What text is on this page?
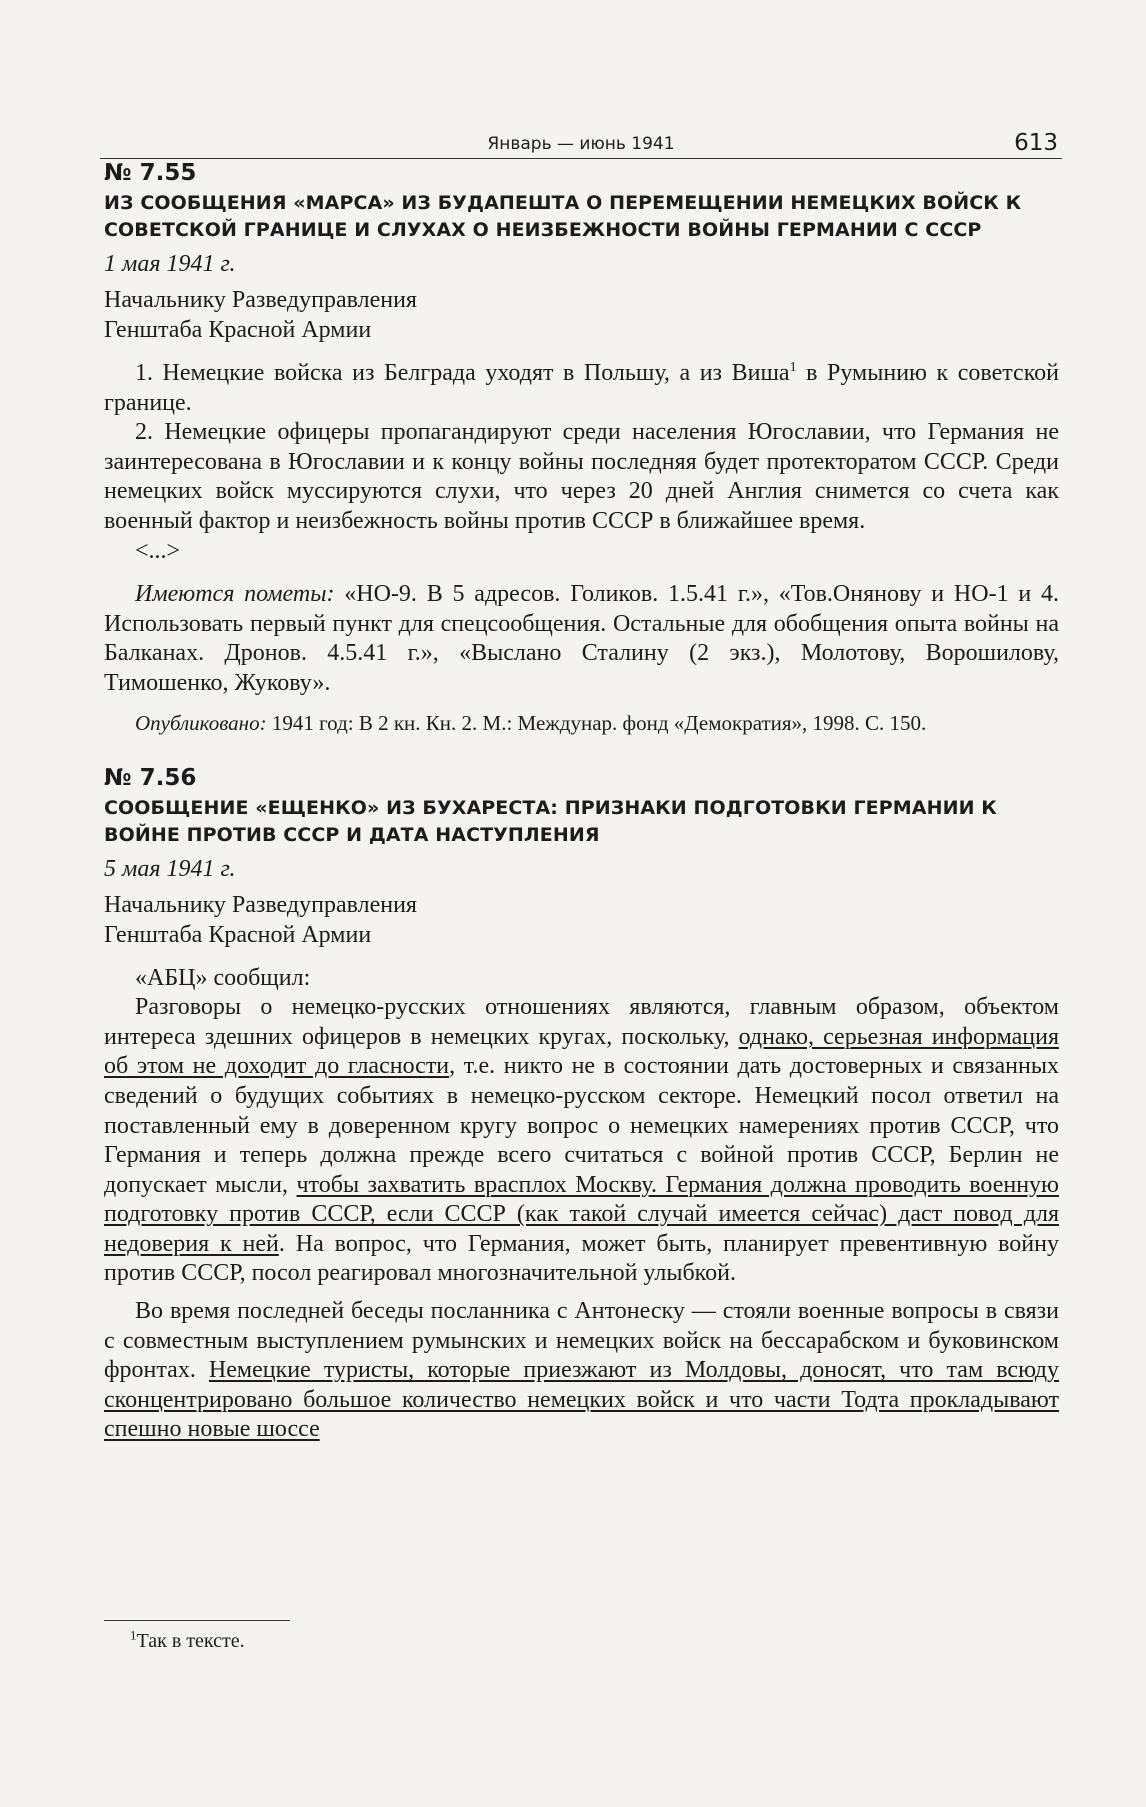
Январь — июнь 1941	613
№ 7.55
ИЗ СООБЩЕНИЯ «МАРСА» ИЗ БУДАПЕШТА О ПЕРЕМЕЩЕНИИ НЕМЕЦКИХ ВОЙСК К СОВЕТСКОЙ ГРАНИЦЕ И СЛУХАХ О НЕИЗБЕЖНОСТИ ВОЙНЫ ГЕРМАНИИ С СССР
1 мая 1941 г.
Начальнику Разведуправления
Генштаба Красной Армии

1. Немецкие войска из Белграда уходят в Польшу, а из Виша$^1$ в Румынию к советской границе.

2. Немецкие офицеры пропагандируют среди населения Югославии, что Германия не заинтересована в Югославии и к концу войны последняя будет протекторатом СССР. Среди немецких войск муссируются слухи, что через 20 дней Англия снимется со счета как военный фактор и неизбежность войны против СССР в ближайшее время.

<...>

Имеются пометы: «НО-9. В 5 адресов. Голиков. 1.5.41 г.», «Тов.Онянову и НО-1 и 4. Использовать первый пункт для спецсообщения. Остальные для обобщения опыта войны на Балканах. Дронов. 4.5.41 г.», «Выслано Сталину (2 экз.), Молотову, Ворошилову, Тимошенко, Жукову».

Опубликовано: 1941 год: В 2 кн. Кн. 2. М.: Междунар. фонд «Демократия», 1998. С. 150.

№ 7.56
СООБЩЕНИЕ «ЕЩЕНКО» ИЗ БУХАРЕСТА: ПРИЗНАКИ ПОДГОТОВКИ ГЕРМАНИИ К ВОЙНЕ ПРОТИВ СССР И ДАТА НАСТУПЛЕНИЯ
5 мая 1941 г.
Начальнику Разведуправления
Генштаба Красной Армии

«АБЦ» сообщил:

Разговоры о немецко-русских отношениях являются, главным образом, объектом интереса здешних офицеров в немецких кругах, поскольку, однако, серьезная информация об этом не доходит до гласности, т.е. никто не в состоянии дать достоверных и связанных сведений о будущих событиях в немецко-русском секторе. Немецкий посол ответил на поставленный ему в доверенном кругу вопрос о немецких намерениях против СССР, что Германия и теперь должна прежде всего считаться с войной против СССР, Берлин не допускает мысли, чтобы захватить врасплох Москву. Германия должна проводить военную подготовку против СССР, если СССР (как такой случай имеется сейчас) даст повод для недоверия к ней. На вопрос, что Германия, может быть, планирует превентивную войну против СССР, посол реагировал многозначительной улыбкой.

Во время последней беседы посланника с Антонеску — стояли военные вопросы в связи с совместным выступлением румынских и немецких войск на бессарабском и буковинском фронтах. Немецкие туристы, которые приезжают из Молдовы, доносят, что там всюду сконцентрировано большое количество немецких войск и что части Тодта прокладывают спешно новые шоссе

$^1$Так в тексте.
